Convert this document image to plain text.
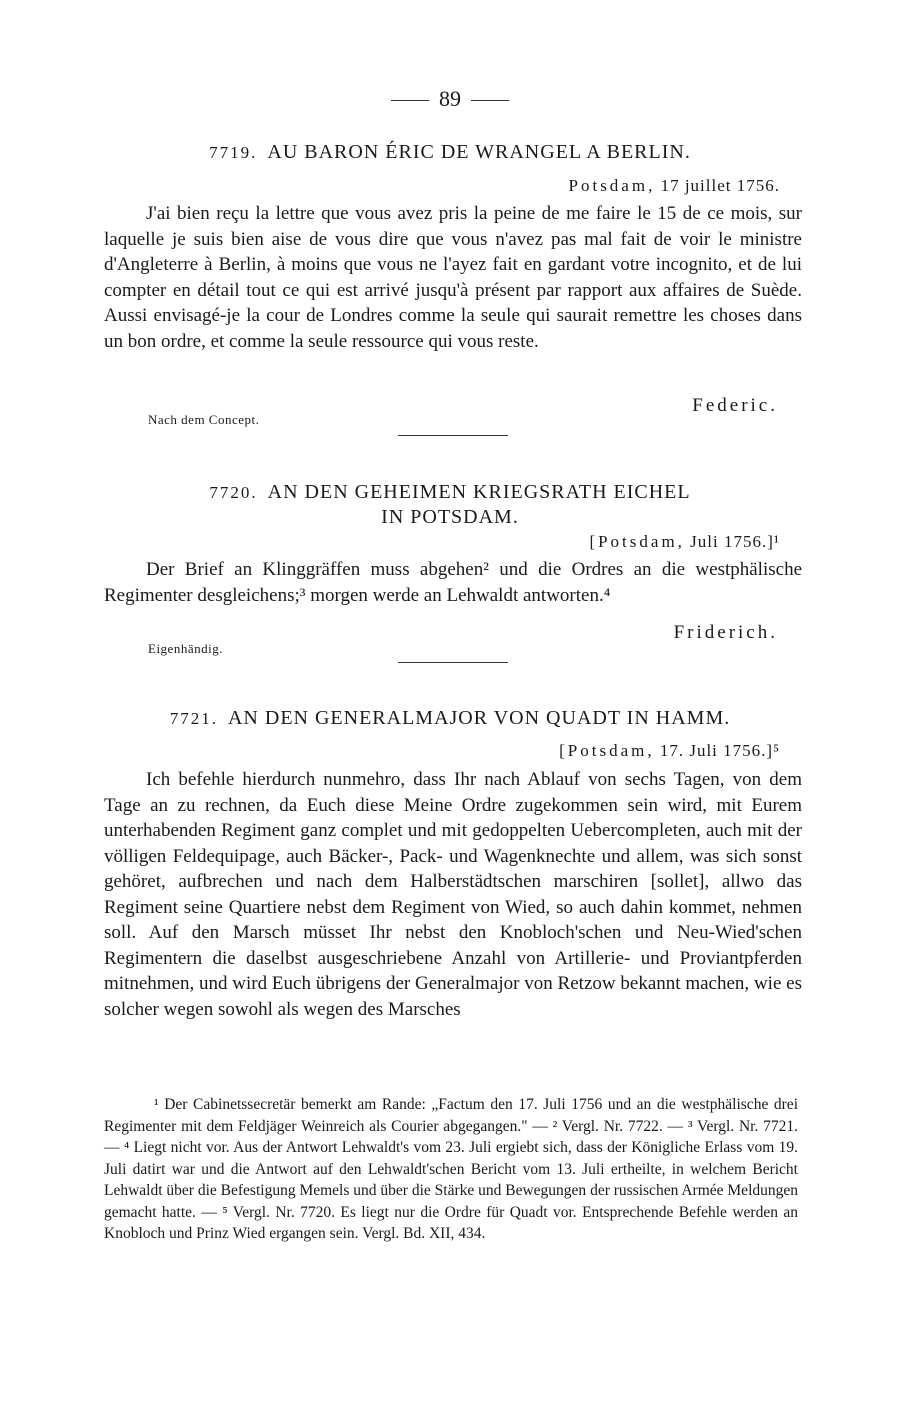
89
7719. AU BARON ÉRIC DE WRANGEL A BERLIN.
Potsdam, 17 juillet 1756.
J'ai bien reçu la lettre que vous avez pris la peine de me faire le 15 de ce mois, sur laquelle je suis bien aise de vous dire que vous n'avez pas mal fait de voir le ministre d'Angleterre à Berlin, à moins que vous ne l'ayez fait en gardant votre incognito, et de lui compter en détail tout ce qui est arrivé jusqu'à présent par rapport aux affaires de Suède. Aussi envisagé-je la cour de Londres comme la seule qui saurait remettre les choses dans un bon ordre, et comme la seule ressource qui vous reste.
Federic.
Nach dem Concept.
7720. AN DEN GEHEIMEN KRIEGSRATH EICHEL
IN POTSDAM.
[Potsdam, Juli 1756.]¹
Der Brief an Klinggräffen muss abgehen² und die Ordres an die westphälische Regimenter desgleichens;³ morgen werde an Lehwaldt antworten.⁴
Friderich.
Eigenhändig.
7721. AN DEN GENERALMAJOR VON QUADT IN HAMM.
[Potsdam, 17. Juli 1756.]⁵
Ich befehle hierdurch nunmehro, dass Ihr nach Ablauf von sechs Tagen, von dem Tage an zu rechnen, da Euch diese Meine Ordre zugekommen sein wird, mit Eurem unterhabenden Regiment ganz complet und mit gedoppelten Uebercompleten, auch mit der völligen Feldequipage, auch Bäcker-, Pack- und Wagenknechte und allem, was sich sonst gehöret, aufbrechen und nach dem Halberstädtschen marschiren [sollet], allwo das Regiment seine Quartiere nebst dem Regiment von Wied, so auch dahin kommet, nehmen soll. Auf den Marsch müsset Ihr nebst den Knobloch'schen und Neu-Wied'schen Regimentern die daselbst ausgeschriebene Anzahl von Artillerie- und Proviantpferden mitnehmen, und wird Euch übrigens der Generalmajor von Retzow bekannt machen, wie es solcher wegen sowohl als wegen des Marsches
¹ Der Cabinetssecretär bemerkt am Rande: „Factum den 17. Juli 1756 und an die westphälische drei Regimenter mit dem Feldjäger Weinreich als Courier abgegangen." — ² Vergl. Nr. 7722. — ³ Vergl. Nr. 7721. — ⁴ Liegt nicht vor. Aus der Antwort Lehwaldt's vom 23. Juli ergiebt sich, dass der Königliche Erlass vom 19. Juli datirt war und die Antwort auf den Lehwaldt'schen Bericht vom 13. Juli ertheilte, in welchem Bericht Lehwaldt über die Befestigung Memels und über die Stärke und Bewegungen der russischen Armée Meldungen gemacht hatte. — ⁵ Vergl. Nr. 7720. Es liegt nur die Ordre für Quadt vor. Entsprechende Befehle werden an Knobloch und Prinz Wied ergangen sein. Vergl. Bd. XII, 434.
